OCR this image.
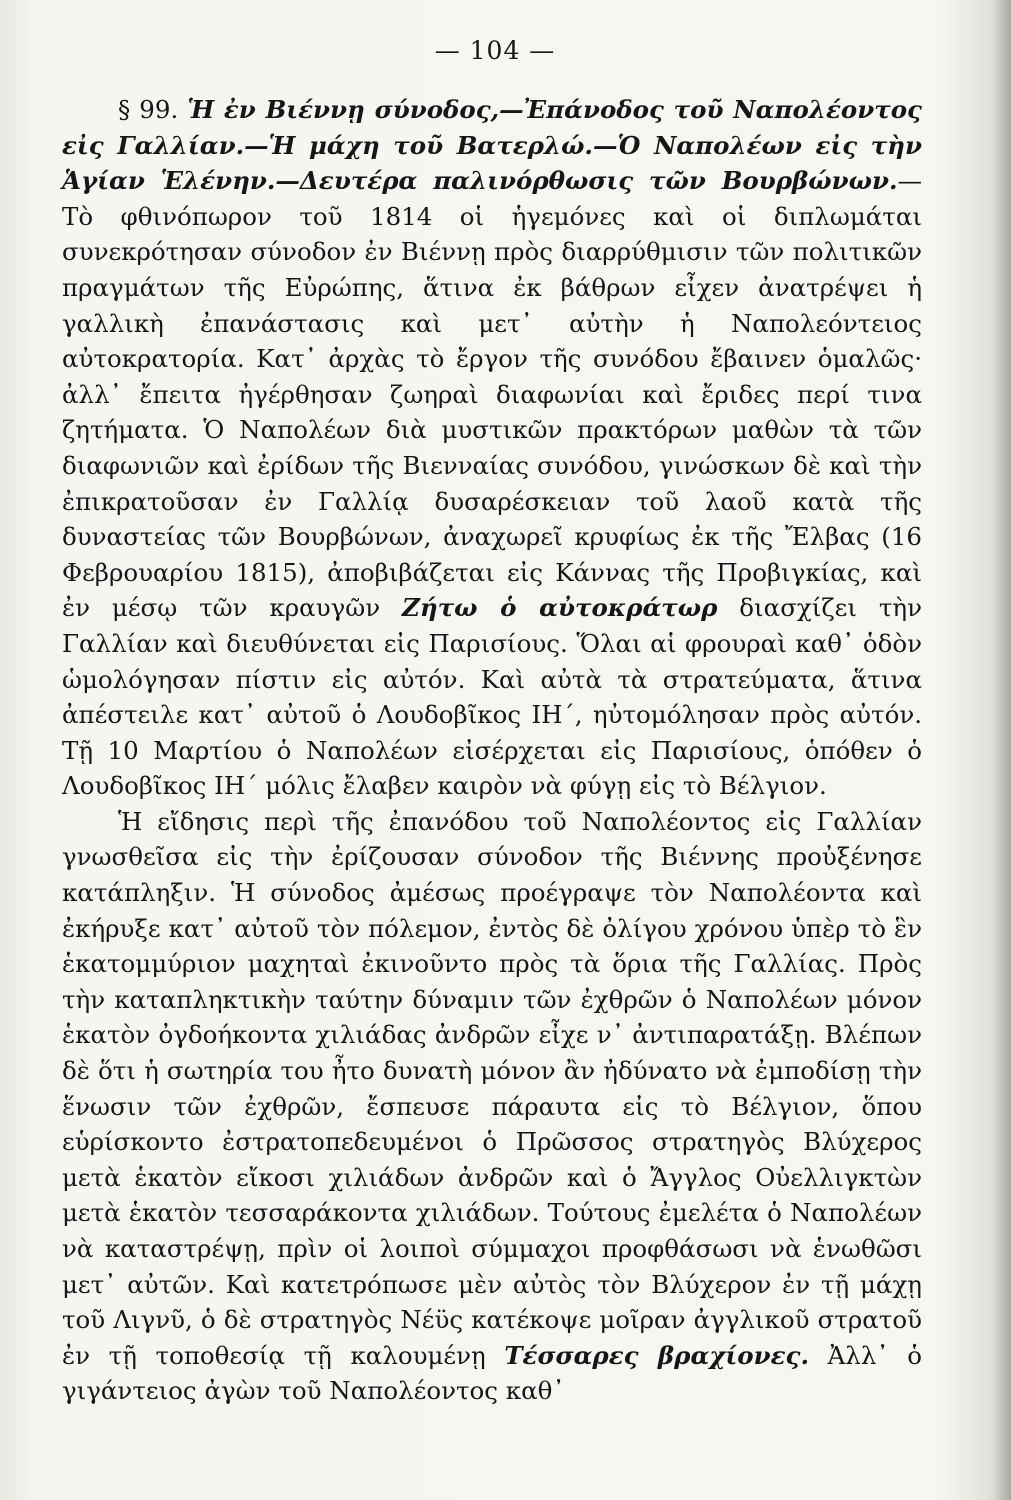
— 104 —

§ 99. Ἡ ἐν Βιέννῃ σύνοδος,—Ἐπάνοδος τοῦ Ναπολέοντος εἰς Γαλλίαν.—Ἡ μάχη τοῦ Βατερλώ.—Ὁ Ναπολέων εἰς τὴν Ἁγίαν Ἑλένην.—Δευτέρα παλινόρθωσις τῶν Βουρβώνων.— Τὸ φθινόπωρον τοῦ 1814 οἱ ἡγεμόνες καὶ οἱ διπλωμάται συνεκρότησαν σύνοδον ἐν Βιέννῃ πρὸς διαρρύθμισιν τῶν πολιτικῶν πραγμάτων τῆς Εὐρώπης, ἅτινα ἐκ βάθρων εἶχεν ἀνατρέψει ἡ γαλλικὴ ἐπανάστασις καὶ μετ᾽ αὐτὴν ἡ Ναπολεόντειος αὐτοκρατορία. Κατ᾽ ἀρχὰς τὸ ἔργον τῆς συνόδου ἔβαινεν ὁμαλῶς· ἀλλ᾽ ἔπειτα ἠγέρθησαν ζωηραὶ διαφωνίαι καὶ ἔριδες περί τινα ζητήματα. Ὁ Ναπολέων διὰ μυστικῶν πρακτόρων μαθὼν τὰ τῶν διαφωνιῶν καὶ ἐρίδων τῆς Βιενναίας συνόδου, γινώσκων δὲ καὶ τὴν ἐπικρατοῦσαν ἐν Γαλλίᾳ δυσαρέσκειαν τοῦ λαοῦ κατὰ τῆς δυναστείας τῶν Βουρβώνων, ἀναχωρεῖ κρυφίως ἐκ τῆς Ἔλβας (16 Φεβρουαρίου 1815), ἀποβιβάζεται εἰς Κάννας τῆς Προβιγκίας, καὶ ἐν μέσῳ τῶν κραυγῶν Ζήτω ὁ αὐτοκράτωρ διασχίζει τὴν Γαλλίαν καὶ διευθύνεται εἰς Παρισίους. Ὅλαι αἱ φρουραὶ καθ᾽ ὁδὸν ὡμολόγησαν πίστιν εἰς αὐτόν. Καὶ αὐτὰ τὰ στρατεύματα, ἅτινα ἀπέστειλε κατ᾽ αὐτοῦ ὁ Λουδοβῖκος ΙΗ΄, ηὐτομόλησαν πρὸς αὐτόν. Τῇ 10 Μαρτίου ὁ Ναπολέων εἰσέρχεται εἰς Παρισίους, ὁπόθεν ὁ Λουδοβῖκος ΙΗ΄ μόλις ἔλαβεν καιρὸν νὰ φύγῃ εἰς τὸ Βέλγιον.

Ἡ εἴδησις περὶ τῆς ἐπανόδου τοῦ Ναπολέοντος εἰς Γαλλίαν γνωσθεῖσα εἰς τὴν ἐρίζουσαν σύνοδον τῆς Βιέννης προὐξένησε κατάπληξιν. Ἡ σύνοδος ἀμέσως προέγραψε τὸν Ναπολέοντα καὶ ἐκήρυξε κατ᾽ αὐτοῦ τὸν πόλεμον, ἐντὸς δὲ ὀλίγου χρόνου ὑπὲρ τὸ ἓν ἑκατομμύριον μαχηταὶ ἐκινοῦντο πρὸς τὰ ὅρια τῆς Γαλλίας. Πρὸς τὴν καταπληκτικὴν ταύτην δύναμιν τῶν ἐχθρῶν ὁ Ναπολέων μόνον ἑκατὸν ὀγδοήκοντα χιλιάδας ἀνδρῶν εἶχε ν᾽ ἀντιπαρατάξῃ. Βλέπων δὲ ὅτι ἡ σωτηρία του ἦτο δυνατὴ μόνον ἂν ἠδύνατο νὰ ἐμποδίσῃ τὴν ἕνωσιν τῶν ἐχθρῶν, ἔσπευσε πάραυτα εἰς τὸ Βέλγιον, ὅπου εὑρίσκοντο ἐστρατοπεδευμένοι ὁ Πρῶσσος στρατηγὸς Βλύχερος μετὰ ἑκατὸν εἴκοσι χιλιάδων ἀνδρῶν καὶ ὁ Ἄγγλος Οὐελλιγκτὼν μετὰ ἑκατὸν τεσσαράκοντα χιλιάδων. Τούτους ἐμελέτα ὁ Ναπολέων νὰ καταστρέψῃ, πρὶν οἱ λοιποὶ σύμμαχοι προφθάσωσι νὰ ἑνωθῶσι μετ᾽ αὐτῶν. Καὶ κατετρόπωσε μὲν αὐτὸς τὸν Βλύχερον ἐν τῇ μάχῃ τοῦ Λιγνῦ, ὁ δὲ στρατηγὸς Νέϋς κατέκοψε μοῖραν ἀγγλικοῦ στρατοῦ ἐν τῇ τοποθεσίᾳ τῇ καλουμένῃ Τέσσαρες βραχίονες. Ἀλλ᾽ ὁ γιγάντειος ἀγὼν τοῦ Ναπολέοντος καθ᾽
